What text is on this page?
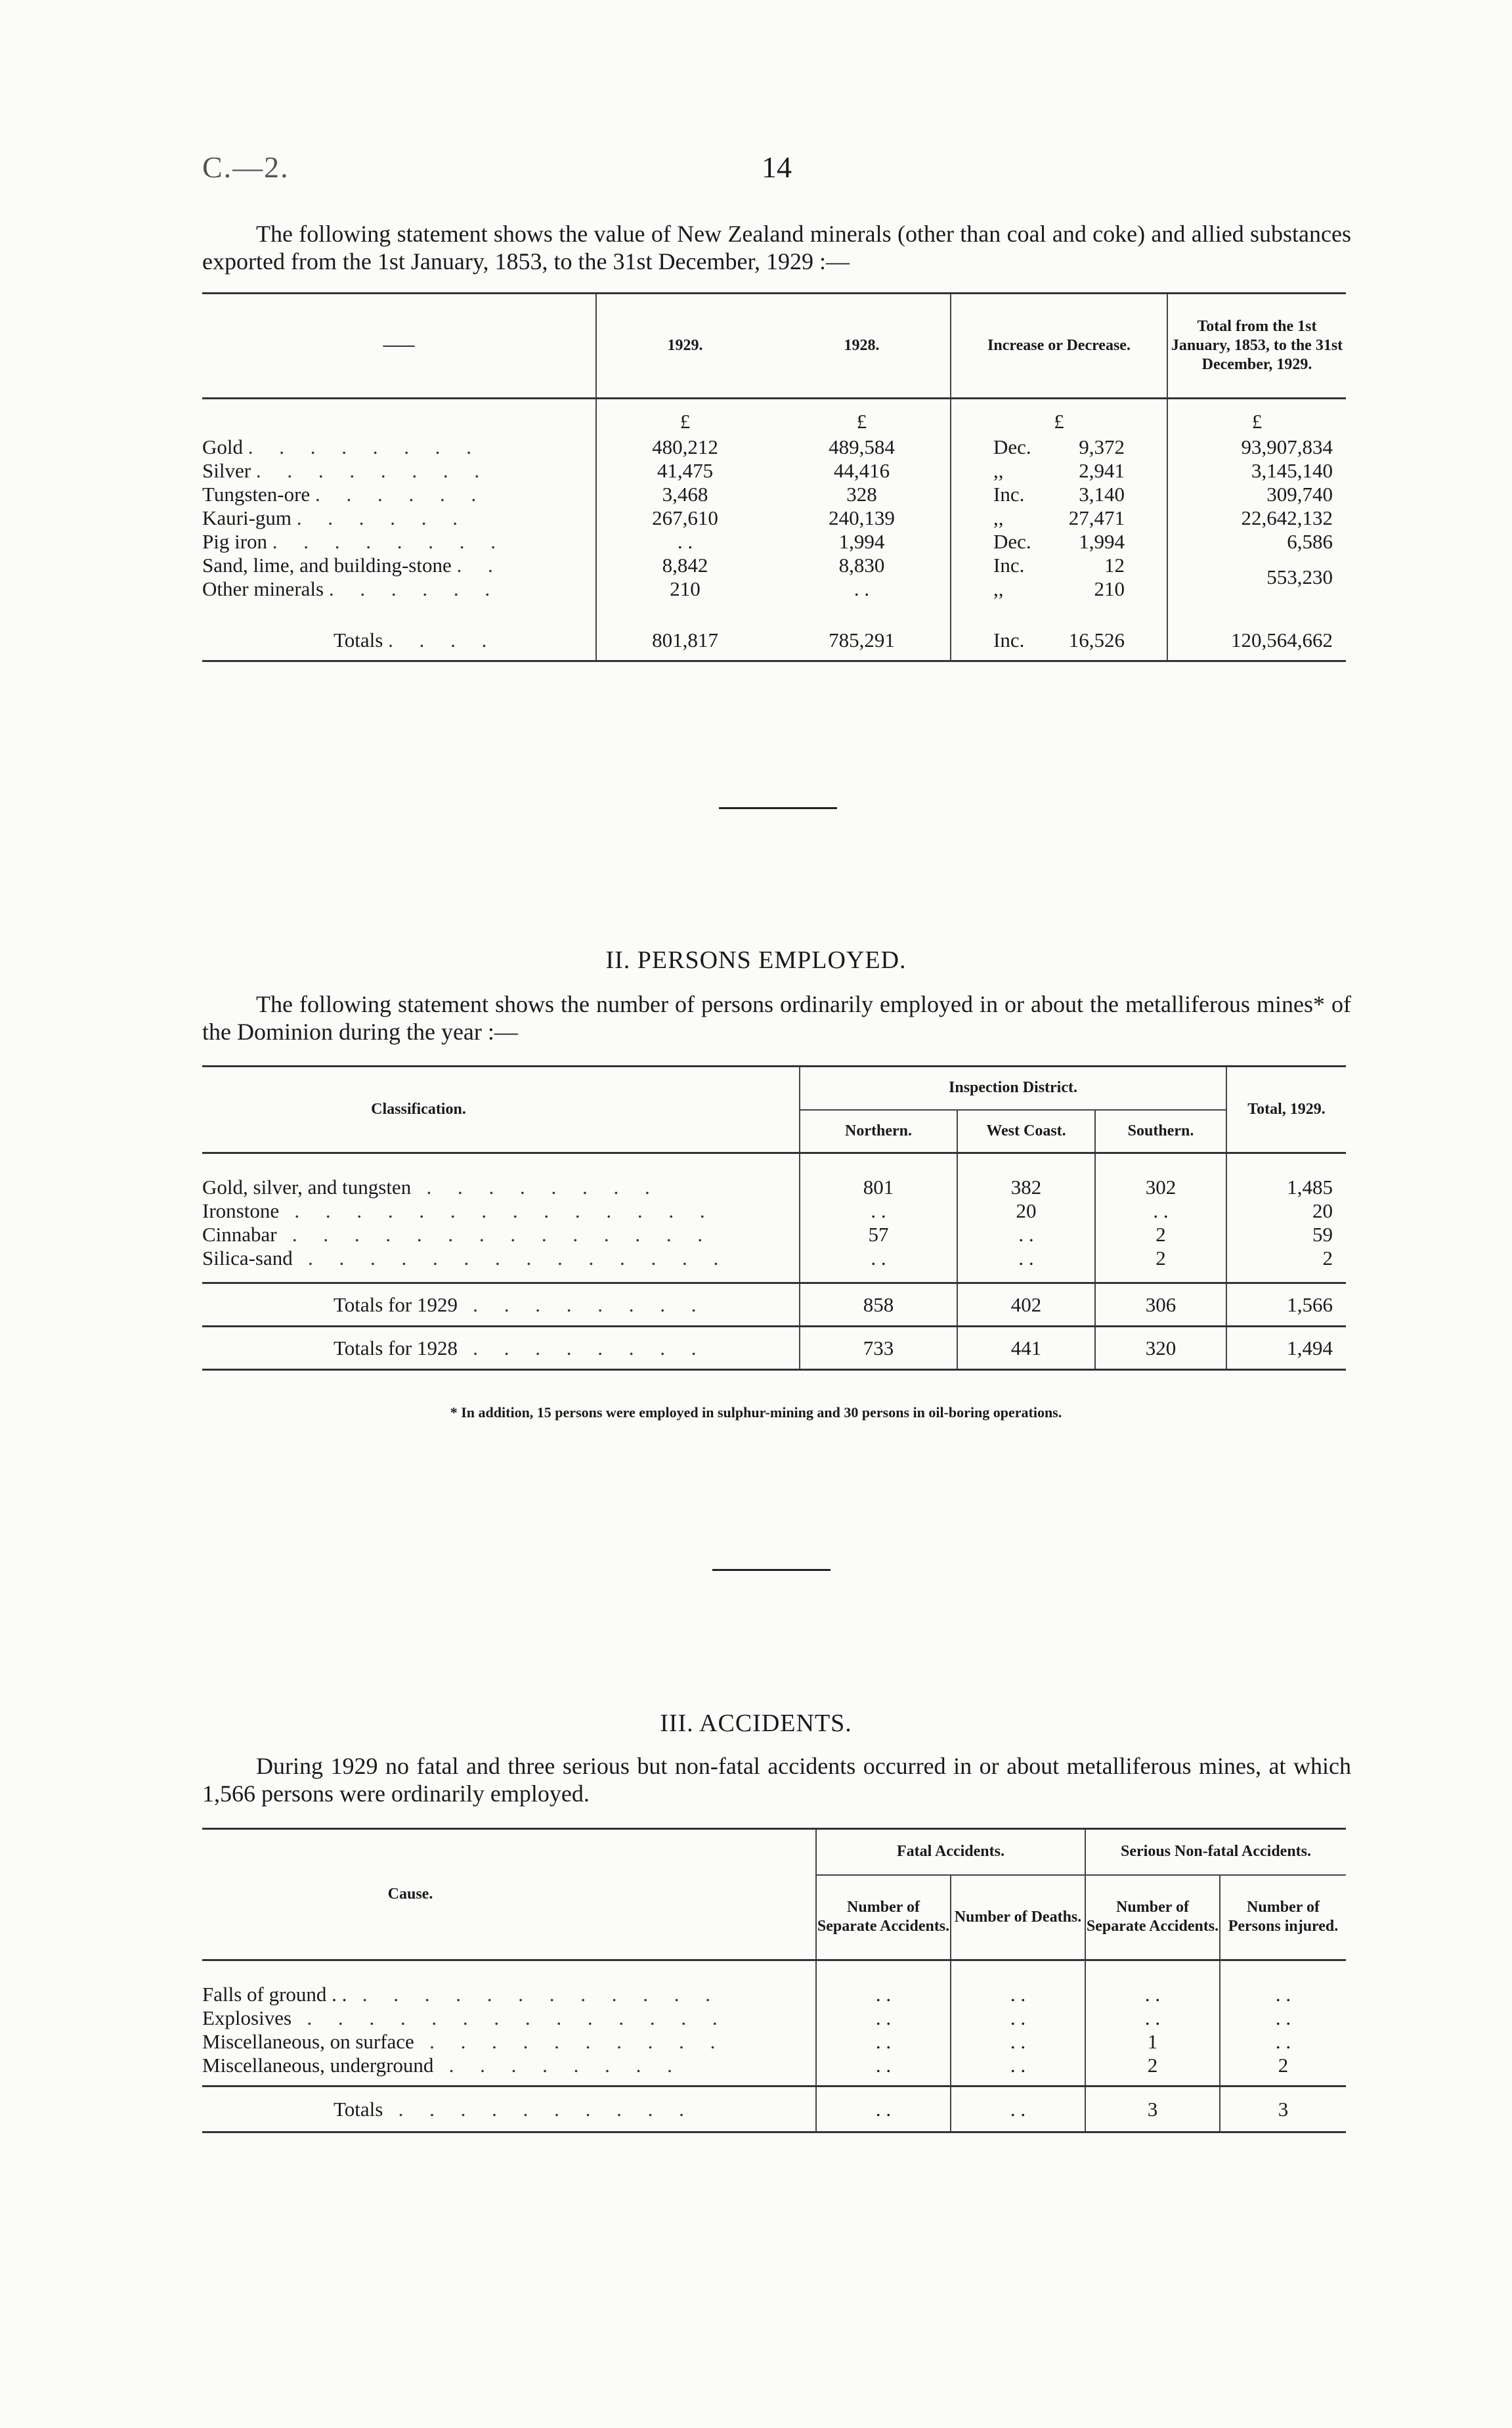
C.—2.	14
The following statement shows the value of New Zealand minerals (other than coal and coke) and allied substances exported from the 1st January, 1853, to the 31st December, 1929 :—
——	1929.	1928.	Increase or Decrease.	Total from the 1st January, 1853, to the 31st December, 1929.
	£	£	£	£
Gold . . . . . . . .	480,212	489,584	Dec. 9,372	93,907,834
Silver . . . . . . . .	41,475	44,416	,, 2,941	3,145,140
Tungsten-ore . . . . . .	3,468	328	Inc. 3,140	309,740
Kauri-gum . . . . . .	267,610	240,139	,, 27,471	22,642,132
Pig iron . . . . . . . .	. .	1,994	Dec. 1,994	6,586
Sand, lime, and building-stone . .	8,842	8,830	Inc. 12	553,230
Other minerals . . . . . .	210	. .	,, 210	

Totals . . . .	801,817	785,291	Inc. 16,526	120,564,662
II. PERSONS EMPLOYED.
The following statement shows the number of persons ordinarily employed in or about the metalliferous mines* of the Dominion during the year :—
Classification.	Inspection District.			Total, 1929.
	Northern.	West Coast.	Southern.	

Gold, silver, and tungsten . . . . . . . .	801	382	302	1,485
Ironstone . . . . . . . . . . . . . .	. .	20	. .	20
Cinnabar . . . . . . . . . . . . . .	57	. .	2	59
Silica-sand . . . . . . . . . . . . . .	. .	. .	2	2

Totals for 1929 . . . . . . . .	858	402	306	1,566
Totals for 1928 . . . . . . . .	733	441	320	1,494
* In addition, 15 persons were employed in sulphur-mining and 30 persons in oil-boring operations.
III. ACCIDENTS.
During 1929 no fatal and three serious but non-fatal accidents occurred in or about metalliferous mines, at which 1,566 persons were ordinarily employed.
Cause.	Fatal Accidents.		Serious Non-fatal Accidents.	
	Number of Separate Accidents.	Number of Deaths.	Number of Separate Accidents.	Number of Persons injured.

Falls of ground . . . . . . . . . . . . . .	. .	. .	. .	. .
Explosives . . . . . . . . . . . . . .	. .	. .	. .	. .
Miscellaneous, on surface . . . . . . . . . .	. .	. .	1	. .
Miscellaneous, underground . . . . . . . .	. .	. .	2	2

Totals . . . . . . . . . .	. .	. .	3	3
